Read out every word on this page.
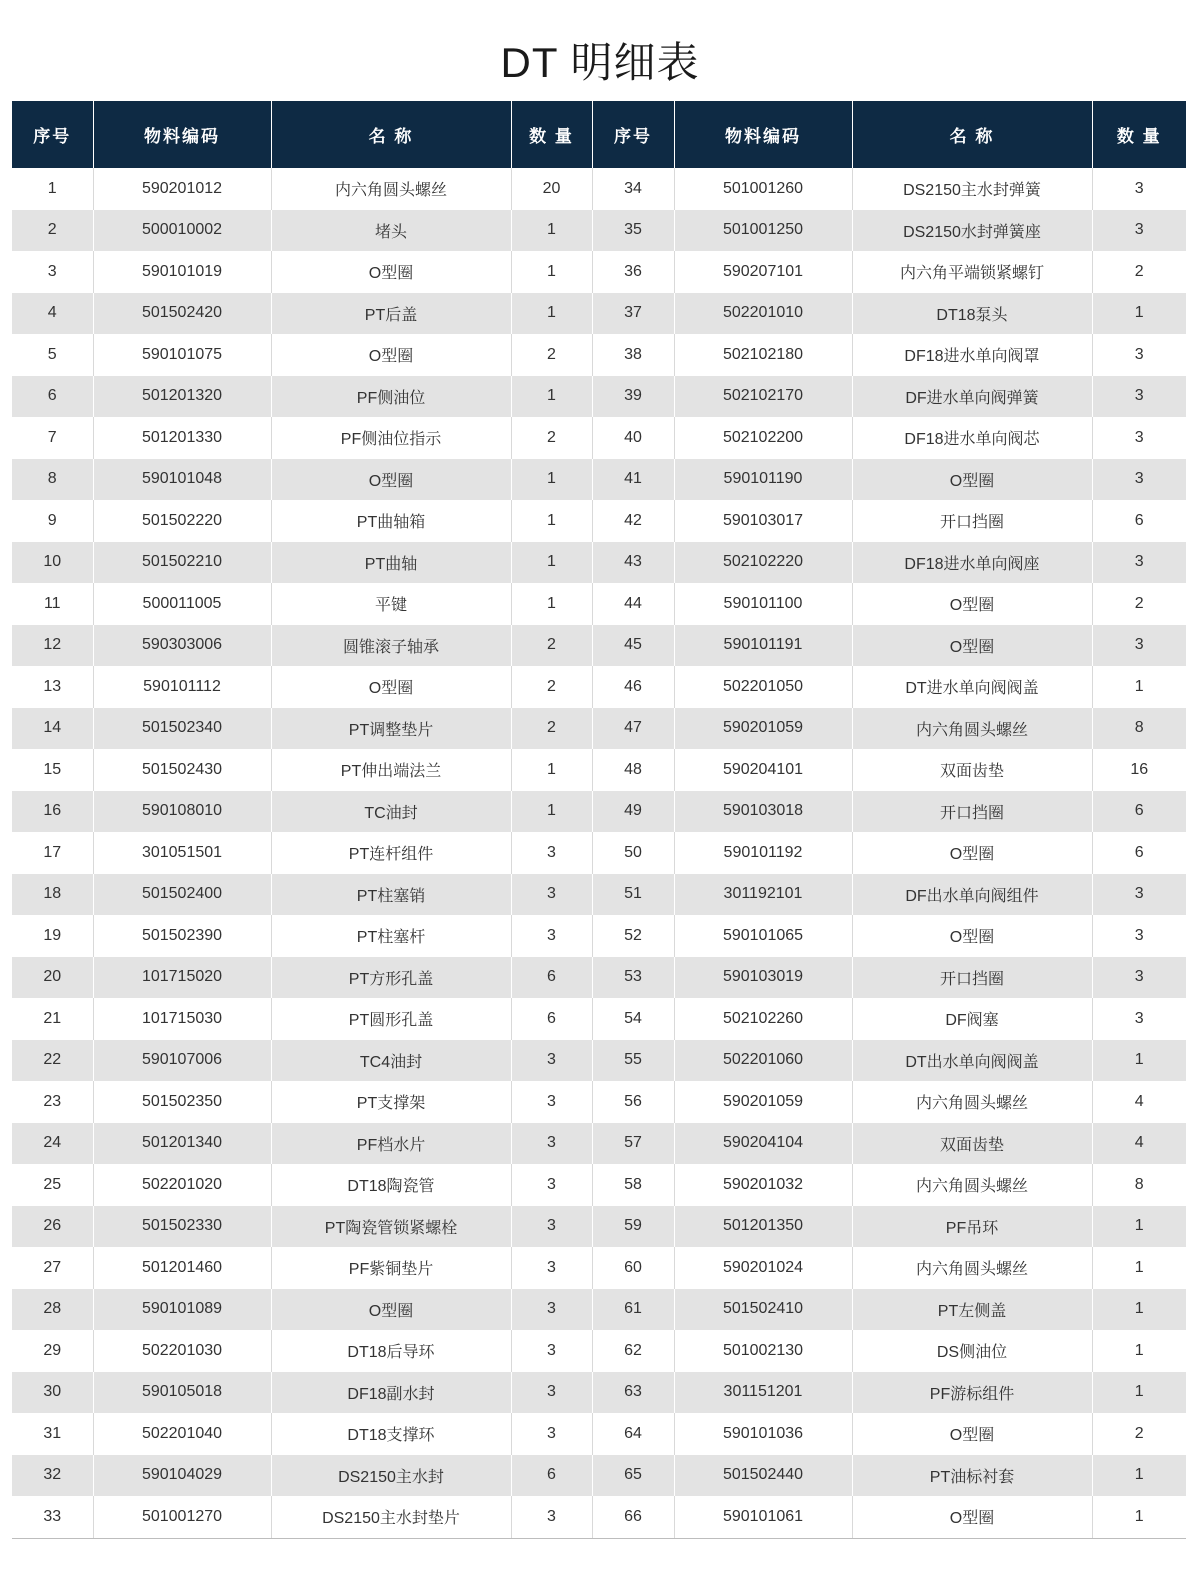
DT 明细表
序号	物料编码	名 称	数 量	序号	物料编码	名 称	数 量
1	590201012	内六角圆头螺丝	20	34	501001260	DS2150主水封弹簧	3
2	500010002	堵头	1	35	501001250	DS2150水封弹簧座	3
3	590101019	O型圈	1	36	590207101	内六角平端锁紧螺钉	2
4	501502420	PT后盖	1	37	502201010	DT18泵头	1
5	590101075	O型圈	2	38	502102180	DF18进水单向阀罩	3
6	501201320	PF侧油位	1	39	502102170	DF进水单向阀弹簧	3
7	501201330	PF侧油位指示	2	40	502102200	DF18进水单向阀芯	3
8	590101048	O型圈	1	41	590101190	O型圈	3
9	501502220	PT曲轴箱	1	42	590103017	开口挡圈	6
10	501502210	PT曲轴	1	43	502102220	DF18进水单向阀座	3
11	500011005	平键	1	44	590101100	O型圈	2
12	590303006	圆锥滚子轴承	2	45	590101191	O型圈	3
13	590101112	O型圈	2	46	502201050	DT进水单向阀阀盖	1
14	501502340	PT调整垫片	2	47	590201059	内六角圆头螺丝	8
15	501502430	PT伸出端法兰	1	48	590204101	双面齿垫	16
16	590108010	TC油封	1	49	590103018	开口挡圈	6
17	301051501	PT连杆组件	3	50	590101192	O型圈	6
18	501502400	PT柱塞销	3	51	301192101	DF出水单向阀组件	3
19	501502390	PT柱塞杆	3	52	590101065	O型圈	3
20	101715020	PT方形孔盖	6	53	590103019	开口挡圈	3
21	101715030	PT圆形孔盖	6	54	502102260	DF阀塞	3
22	590107006	TC4油封	3	55	502201060	DT出水单向阀阀盖	1
23	501502350	PT支撑架	3	56	590201059	内六角圆头螺丝	4
24	501201340	PF档水片	3	57	590204104	双面齿垫	4
25	502201020	DT18陶瓷管	3	58	590201032	内六角圆头螺丝	8
26	501502330	PT陶瓷管锁紧螺栓	3	59	501201350	PF吊环	1
27	501201460	PF紫铜垫片	3	60	590201024	内六角圆头螺丝	1
28	590101089	O型圈	3	61	501502410	PT左侧盖	1
29	502201030	DT18后导环	3	62	501002130	DS侧油位	1
30	590105018	DF18副水封	3	63	301151201	PF游标组件	1
31	502201040	DT18支撑环	3	64	590101036	O型圈	2
32	590104029	DS2150主水封	6	65	501502440	PT油标衬套	1
33	501001270	DS2150主水封垫片	3	66	590101061	O型圈	1
